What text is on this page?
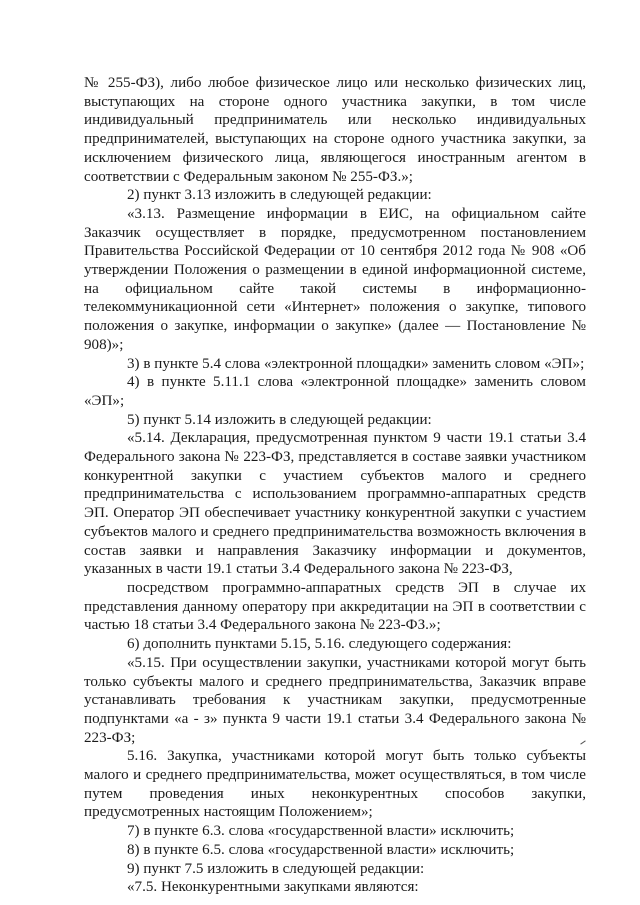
№ 255-ФЗ), либо любое физическое лицо или несколько физических лиц, выступающих на стороне одного участника закупки, в том числе индивидуальный предприниматель или несколько индивидуальных предпринимателей, выступающих на стороне одного участника закупки, за исключением физического лица, являющегося иностранным агентом в соответствии с Федеральным законом № 255-ФЗ.»;

2) пункт 3.13 изложить в следующей редакции:

«3.13. Размещение информации в ЕИС, на официальном сайте Заказчик осуществляет в порядке, предусмотренном постановлением Правительства Российской Федерации от 10 сентября 2012 года № 908 «Об утверждении Положения о размещении в единой информационной системе, на официальном сайте такой системы в информационно-телекоммуникационной сети «Интернет» положения о закупке, типового положения о закупке, информации о закупке» (далее — Постановление № 908)»;

3) в пункте 5.4 слова «электронной площадки» заменить словом «ЭП»;

4) в пункте 5.11.1 слова «электронной площадке» заменить словом «ЭП»;

5) пункт 5.14 изложить в следующей редакции:

«5.14. Декларация, предусмотренная пунктом 9 части 19.1 статьи 3.4 Федерального закона № 223-ФЗ, представляется в составе заявки участником конкурентной закупки с участием субъектов малого и среднего предпринимательства с использованием программно-аппаратных средств ЭП. Оператор ЭП обеспечивает участнику конкурентной закупки с участием субъектов малого и среднего предпринимательства возможность включения в состав заявки и направления Заказчику информации и документов, указанных в части 19.1 статьи 3.4 Федерального закона № 223-ФЗ,

посредством программно-аппаратных средств ЭП в случае их представления данному оператору при аккредитации на ЭП в соответствии с частью 18 статьи 3.4 Федерального закона № 223-ФЗ.»;

6) дополнить пунктами 5.15, 5.16. следующего содержания:

«5.15. При осуществлении закупки, участниками которой могут быть только субъекты малого и среднего предпринимательства, Заказчик вправе устанавливать требования к участникам закупки, предусмотренные подпунктами «а - з» пункта 9 части 19.1 статьи 3.4 Федерального закона № 223-ФЗ;

5.16. Закупка, участниками которой могут быть только субъекты малого и среднего предпринимательства, может осуществляться, в том числе путем проведения иных неконкурентных способов закупки, предусмотренных настоящим Положением»;

7) в пункте 6.3. слова «государственной власти» исключить;

8) в пункте 6.5. слова «государственной власти» исключить;

9) пункт 7.5 изложить в следующей редакции:

«7.5. Неконкурентными закупками являются:
